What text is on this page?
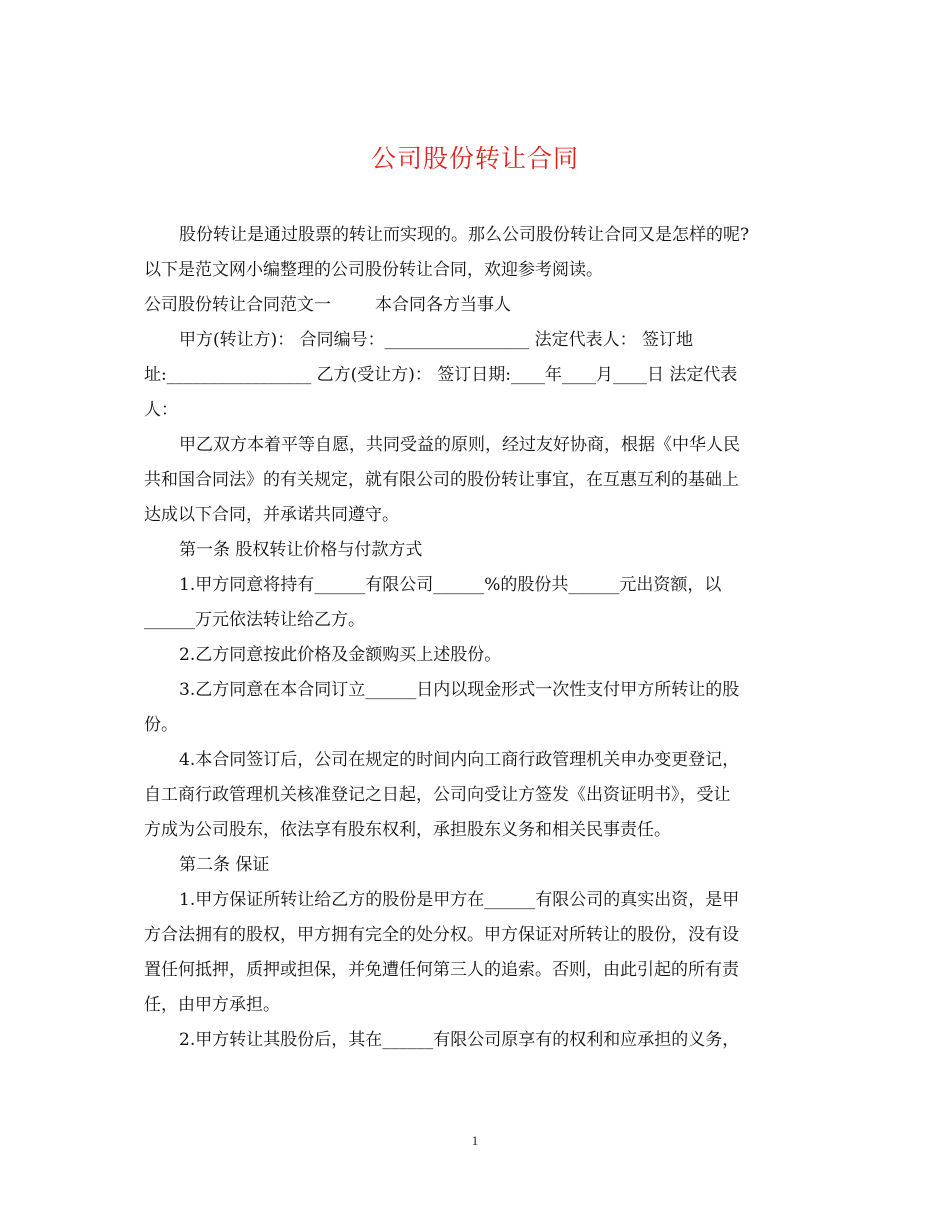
公司股份转让合同
股份转让是通过股票的转让而实现的。那么公司股份转让合同又是怎样的呢?
以下是范文网小编整理的公司股份转让合同，欢迎参考阅读。
公司股份转让合同范文一	本合同各方当事人
甲方(转让方)： 合同编号：_________________ 法定代表人： 签订地
址:_________________ 乙方(受让方)： 签订日期:____年____月____日 法定代表
人：
甲乙双方本着平等自愿，共同受益的原则，经过友好协商，根据《中华人民
共和国合同法》的有关规定，就有限公司的股份转让事宜，在互惠互利的基础上
达成以下合同，并承诺共同遵守。
第一条 股权转让价格与付款方式
1.甲方同意将持有______有限公司______%的股份共______元出资额，以
______万元依法转让给乙方。
2.乙方同意按此价格及金额购买上述股份。
3.乙方同意在本合同订立______日内以现金形式一次性支付甲方所转让的股
份。
4.本合同签订后，公司在规定的时间内向工商行政管理机关申办变更登记，
自工商行政管理机关核准登记之日起，公司向受让方签发《出资证明书》，受让
方成为公司股东，依法享有股东权利，承担股东义务和相关民事责任。
第二条 保证
1.甲方保证所转让给乙方的股份是甲方在______有限公司的真实出资，是甲
方合法拥有的股权，甲方拥有完全的处分权。甲方保证对所转让的股份，没有设
置任何抵押，质押或担保，并免遭任何第三人的追索。否则，由此引起的所有责
任，由甲方承担。
2.甲方转让其股份后，其在______有限公司原享有的权利和应承担的义务，
1
